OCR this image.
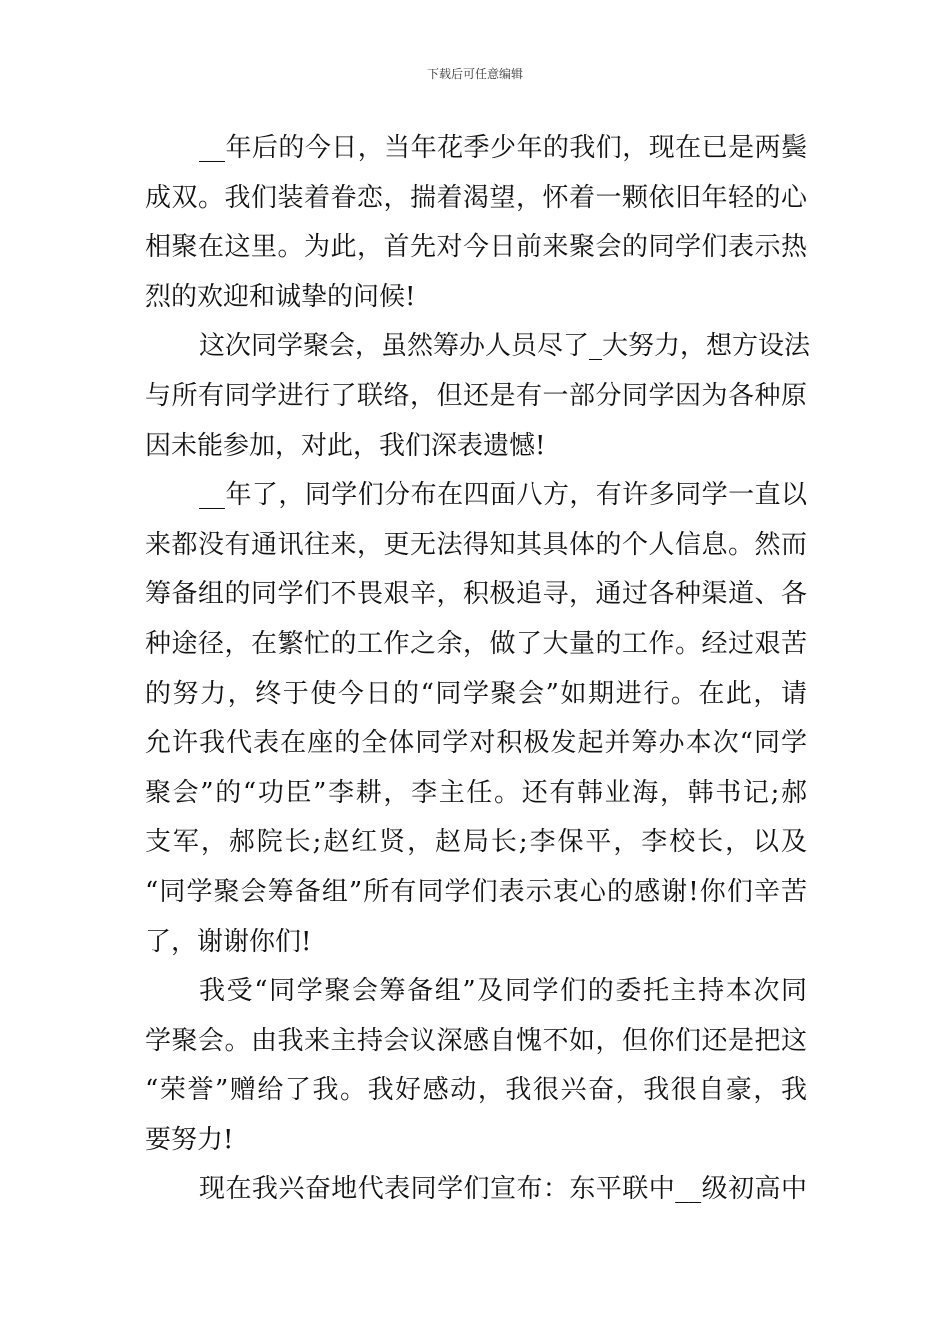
下载后可任意编辑
__年后的今日，当年花季少年的我们，现在已是两鬓
成双。我们装着眷恋，揣着渴望，怀着一颗依旧年轻的心
相聚在这里。为此，首先对今日前来聚会的同学们表示热
烈的欢迎和诚挚的问候!
这次同学聚会，虽然筹办人员尽了_大努力，想方设法
与所有同学进行了联络，但还是有一部分同学因为各种原
因未能参加，对此，我们深表遗憾!
__年了，同学们分布在四面八方，有许多同学一直以
来都没有通讯往来，更无法得知其具体的个人信息。然而
筹备组的同学们不畏艰辛，积极追寻，通过各种渠道、各
种途径，在繁忙的工作之余，做了大量的工作。经过艰苦
的努力，终于使今日的“同学聚会”如期进行。在此，请
允许我代表在座的全体同学对积极发起并筹办本次“同学
聚会”的“功臣”李耕，李主任。还有韩业海，韩书记;郝
支军，郝院长;赵红贤，赵局长;李保平，李校长，以及
“同学聚会筹备组”所有同学们表示衷心的感谢!你们辛苦
了，谢谢你们!
我受“同学聚会筹备组”及同学们的委托主持本次同
学聚会。由我来主持会议深感自愧不如，但你们还是把这
“荣誉”赠给了我。我好感动，我很兴奋，我很自豪，我
要努力!
现在我兴奋地代表同学们宣布：东平联中__级初高中
